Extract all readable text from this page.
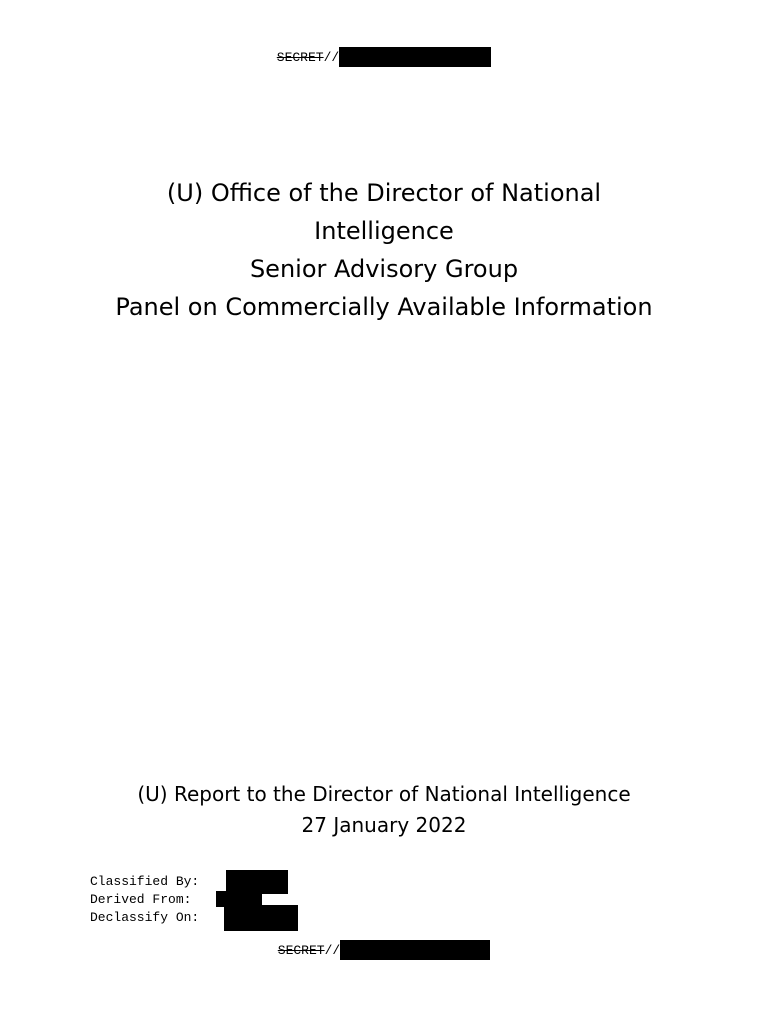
SECRET //
(U) Office of the Director of National
Intelligence
Senior Advisory Group
Panel on Commercially Available Information
(U) Report to the Director of National Intelligence
27 January 2022
Classified By:
Derived From:
Declassify On:
SECRET //
